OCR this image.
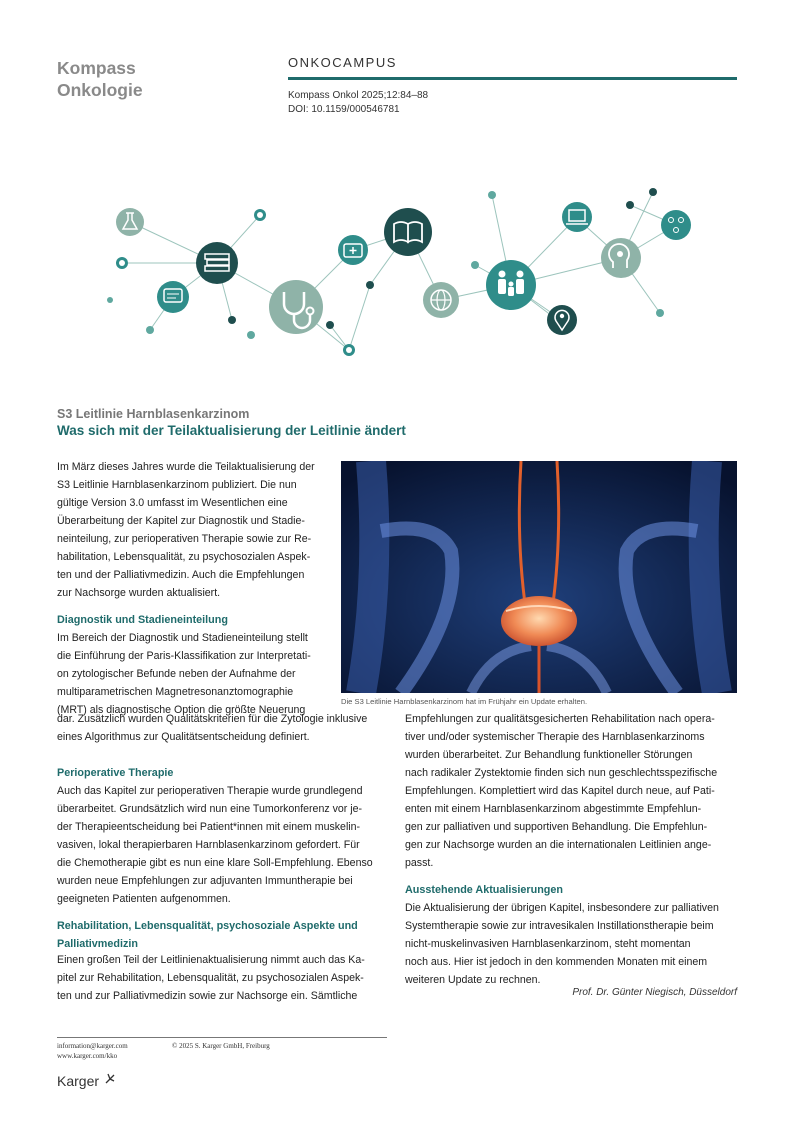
Kompass
Onkologie
ONKOCAMPUS
Kompass Onkol 2025;12:84–88
DOI: 10.1159/000546781
S3 Leitlinie Harnblasenkarzinom
Was sich mit der Teilaktualisierung der Leitlinie ändert
Im März dieses Jahres wurde die Teilaktualisierung der
S3 Leitlinie Harnblasenkarzinom publiziert. Die nun
gültige Version 3.0 umfasst im Wesentlichen eine
Überarbeitung der Kapitel zur Diagnostik und Stadie-
neinteilung, zur perioperativen Therapie sowie zur Re-
habilitation, Lebensqualität, zu psychosozialen Aspek-
ten und der Palliativmedizin. Auch die Empfehlungen
zur Nachsorge wurden aktualisiert.
Diagnostik und Stadieneinteilung
Im Bereich der Diagnostik und Stadieneinteilung stellt
die Einführung der Paris-Klassifikation zur Interpretati-
on zytologischer Befunde neben der Aufnahme der
multiparametrischen Magnetresonanztomographie
(MRT) als diagnostische Option die größte Neuerung
Die S3 Leitlinie Harnblasenkarzinom hat im Frühjahr ein Update erhalten.
dar. Zusätzlich wurden Qualitätskriterien für die Zytologie inklusive
eines Algorithmus zur Qualitätsentscheidung definiert.
Perioperative Therapie
Auch das Kapitel zur perioperativen Therapie wurde grundlegend
überarbeitet. Grundsätzlich wird nun eine Tumorkonferenz vor je-
der Therapieentscheidung bei Patient*innen mit einem muskelin-
vasiven, lokal therapierbaren Harnblasenkarzinom gefordert. Für
die Chemotherapie gibt es nun eine klare Soll-Empfehlung. Ebenso
wurden neue Empfehlungen zur adjuvanten Immuntherapie bei
geeigneten Patienten aufgenommen.
Rehabilitation, Lebensqualität, psychosoziale Aspekte und
Palliativmedizin
Einen großen Teil der Leitlinienaktualisierung nimmt auch das Ka-
pitel zur Rehabilitation, Lebensqualität, zu psychosozialen Aspek-
ten und zur Palliativmedizin sowie zur Nachsorge ein. Sämtliche
Empfehlungen zur qualitätsgesicherten Rehabilitation nach opera-
tiver und/oder systemischer Therapie des Harnblasenkarzinoms
wurden überarbeitet. Zur Behandlung funktioneller Störungen
nach radikaler Zystektomie finden sich nun geschlechtsspezifische
Empfehlungen. Komplettiert wird das Kapitel durch neue, auf Pati-
enten mit einem Harnblasenkarzinom abgestimmte Empfehlun-
gen zur palliativen und supportiven Behandlung. Die Empfehlun-
gen zur Nachsorge wurden an die internationalen Leitlinien ange-
passt.
Ausstehende Aktualisierungen
Die Aktualisierung der übrigen Kapitel, insbesondere zur palliativen
Systemtherapie sowie zur intravesikalen Instillationstherapie beim
nicht-muskelinvasiven Harnblasenkarzinom, steht momentan
noch aus. Hier ist jedoch in den kommenden Monaten mit einem
weiteren Update zu rechnen.
Prof. Dr. Günter Niegisch, Düsseldorf
information@karger.com
www.karger.com/kko
© 2025 S. Karger GmbH, Freiburg
Karger
